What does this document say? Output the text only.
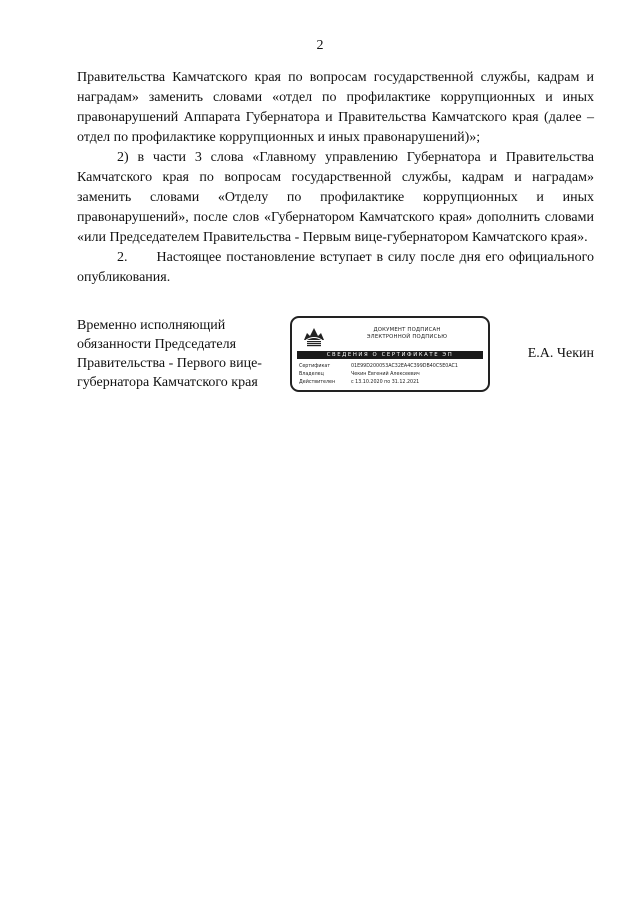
2

Правительства Камчатского края по вопросам государственной службы, кадрам и наградам» заменить словами «отдел по профилактике коррупционных и иных правонарушений Аппарата Губернатора и Правительства Камчатского края (далее – отдел по профилактике коррупционных и иных правонарушений)»;

2) в части 3 слова «Главному управлению Губернатора и Правительства Камчатского края по вопросам государственной службы, кадрам и наградам» заменить словами «Отделу по профилактике коррупционных и иных правонарушений», после слов «Губернатором Камчатского края» дополнить словами «или Председателем Правительства - Первым вице-губернатором Камчатского края».

2.      Настоящее постановление вступает в силу после дня его официального опубликования.

Временно исполняющий
обязанности Председателя
Правительства - Первого вице-
губернатора Камчатского края
ДОКУМЕНТ ПОДПИСАН
ЭЛЕКТРОННОЙ ПОДПИСЬЮ
СВЕДЕНИЯ О СЕРТИФИКАТЕ ЭП
Сертификат	01E99D200053AC32EA4C399DB40C5E0AC1
Владелец	Чекин Евгений Алексеевич
Действителен	с 13.10.2020 по 31.12.2021
Е.А. Чекин
